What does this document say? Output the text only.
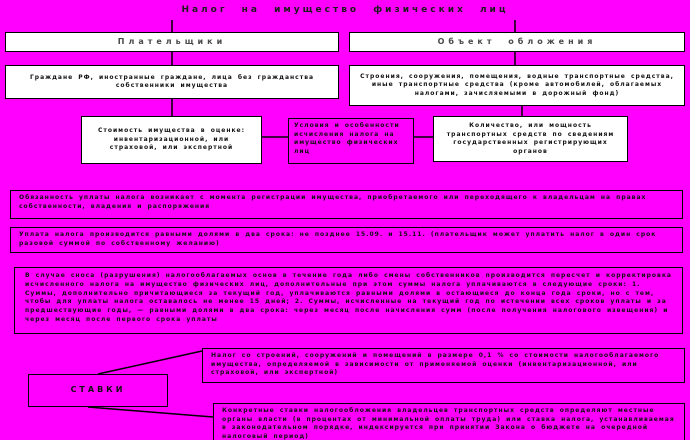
Налог на имущество физических лиц
Плательщики	Объект обложения
Граждане РФ, иностранные граждане, лица без гражданства собственники имущества
Строения, сооружения, помещения, водные транспортные средства, иные транспортные средства (кроме автомобилей, облагаемых налогами, зачисляемыми в дорожный фонд)
Стоимость имущества в оценке: инвентаризационной, или страховой, или экспертной
Условия и особенности исчисления налога на имущество физических лиц
Количество, или мощность транспортных средств по сведениям государственных регистрирующих органов
Обязанность уплаты налога возникает с момента регистрации имущества, приобретаемого или переходящего к владельцам на правах собственности, владения и распоряжения
Уплата налога производится равными долями в два срока: не позднее 15.09. и 15.11. (плательщик может уплатить налог в один срок разовой суммой по собственному желанию)
В случае сноса (разрушения) налогооблагаемых основ в течение года либо смены собственников производится пересчет и корректировка исчисленного налога на имущество физических лиц, дополнительные при этом суммы налога уплачиваются в следующие сроки: 1. Суммы, дополнительно причитающиеся за текущий год, уплачиваются равными долями в остающиеся до конца года сроки, но с тем, чтобы для уплаты налога оставалось не менее 15 дней; 2. Суммы, исчисленные на текущий год по истечении всех сроков уплаты и за предшествующие годы, — равными долями в два срока: через месяц после начисления сумм (после получения налогового извещения) и через месяц после первого срока уплаты
СТАВКИ
Налог со строений, сооружений и помещений в размере 0,1 % со стоимости налогооблагаемого имущества, определяемой в зависимости от применяемой оценки (инвентаризационной, или страховой, или экспертной)
Конкретные ставки налогообложения владельцев транспортных средств определяют местные органы власти (в процентах от минимальной оплаты труда) или ставка налога, устанавливаемая в законодательном порядке, индексируется при принятии Закона о бюджете на очередной налоговый период)
